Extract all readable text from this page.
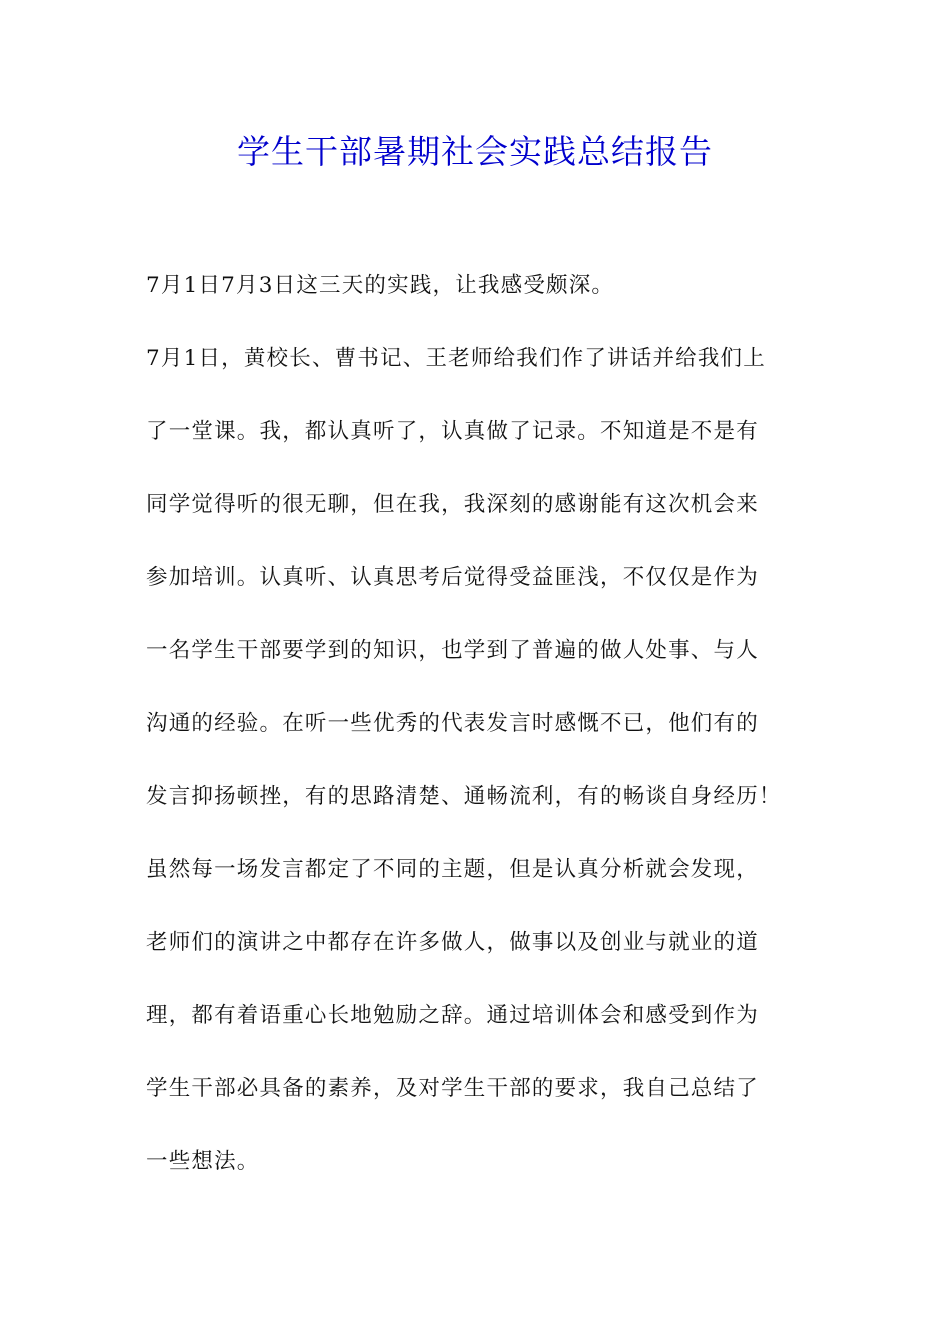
学生干部暑期社会实践总结报告
7月1日7月3日这三天的实践，让我感受颇深。
7月1日，黄校长、曹书记、王老师给我们作了讲话并给我们上
了一堂课。我，都认真听了，认真做了记录。不知道是不是有
同学觉得听的很无聊，但在我，我深刻的感谢能有这次机会来
参加培训。认真听、认真思考后觉得受益匪浅，不仅仅是作为
一名学生干部要学到的知识，也学到了普遍的做人处事、与人
沟通的经验。在听一些优秀的代表发言时感慨不已，他们有的
发言抑扬顿挫，有的思路清楚、通畅流利，有的畅谈自身经历！
虽然每一场发言都定了不同的主题，但是认真分析就会发现，
老师们的演讲之中都存在许多做人，做事以及创业与就业的道
理，都有着语重心长地勉励之辞。通过培训体会和感受到作为
学生干部必具备的素养，及对学生干部的要求，我自己总结了
一些想法。
